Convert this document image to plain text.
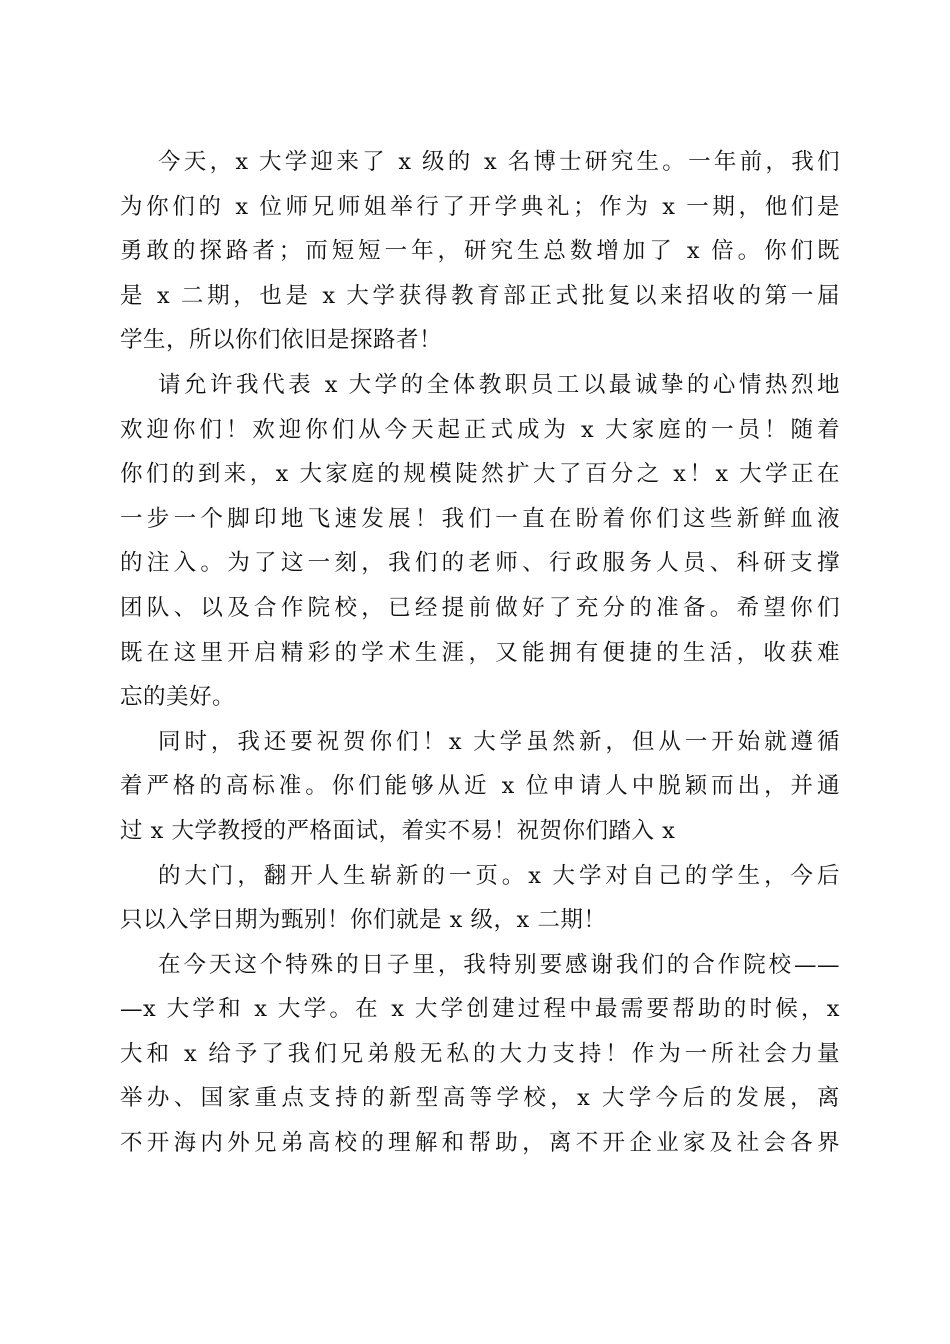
今天，x 大学迎来了 x 级的 x 名博士研究生。一年前，我们
为你们的 x 位师兄师姐举行了开学典礼；作为 x 一期，他们是
勇敢的探路者；而短短一年，研究生总数增加了 x 倍。你们既
是 x 二期，也是 x 大学获得教育部正式批复以来招收的第一届
学生，所以你们依旧是探路者！
请允许我代表 x 大学的全体教职员工以最诚挚的心情热烈地
欢迎你们！欢迎你们从今天起正式成为 x 大家庭的一员！随着
你们的到来，x 大家庭的规模陡然扩大了百分之 x！x 大学正在
一步一个脚印地飞速发展！我们一直在盼着你们这些新鲜血液
的注入。为了这一刻，我们的老师、行政服务人员、科研支撑
团队、以及合作院校，已经提前做好了充分的准备。希望你们
既在这里开启精彩的学术生涯，又能拥有便捷的生活，收获难
忘的美好。
同时，我还要祝贺你们！x 大学虽然新，但从一开始就遵循
着严格的高标准。你们能够从近 x 位申请人中脱颖而出，并通
过 x 大学教授的严格面试，着实不易！祝贺你们踏入 x
的大门，翻开人生崭新的一页。x 大学对自己的学生，今后
只以入学日期为甄别！你们就是 x 级，x 二期！
在今天这个特殊的日子里，我特别要感谢我们的合作院校——
—x 大学和 x 大学。在 x 大学创建过程中最需要帮助的时候，x
大和 x 给予了我们兄弟般无私的大力支持！作为一所社会力量
举办、国家重点支持的新型高等学校，x 大学今后的发展，离
不开海内外兄弟高校的理解和帮助，离不开企业家及社会各界
